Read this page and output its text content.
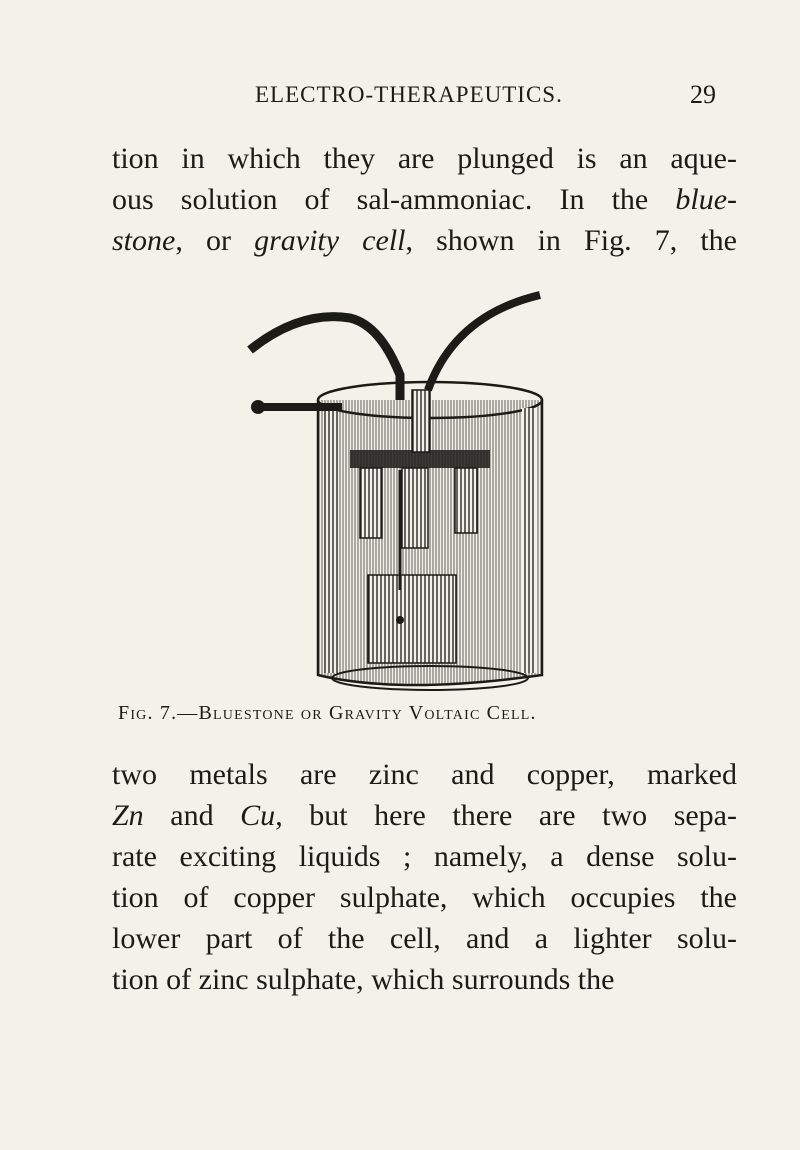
ELECTRO-THERAPEUTICS.	29

tion in which they are plunged is an aque-
ous solution of sal-ammoniac. In the blue-
stone, or gravity cell, shown in Fig. 7, the

Fig. 7.—Bluestone or Gravity Voltaic Cell.

two metals are zinc and copper, marked
Zn and Cu, but here there are two sepa-
rate exciting liquids ; namely, a dense solu-
tion of copper sulphate, which occupies the
lower part of the cell, and a lighter solu-
tion of zinc sulphate, which surrounds the
